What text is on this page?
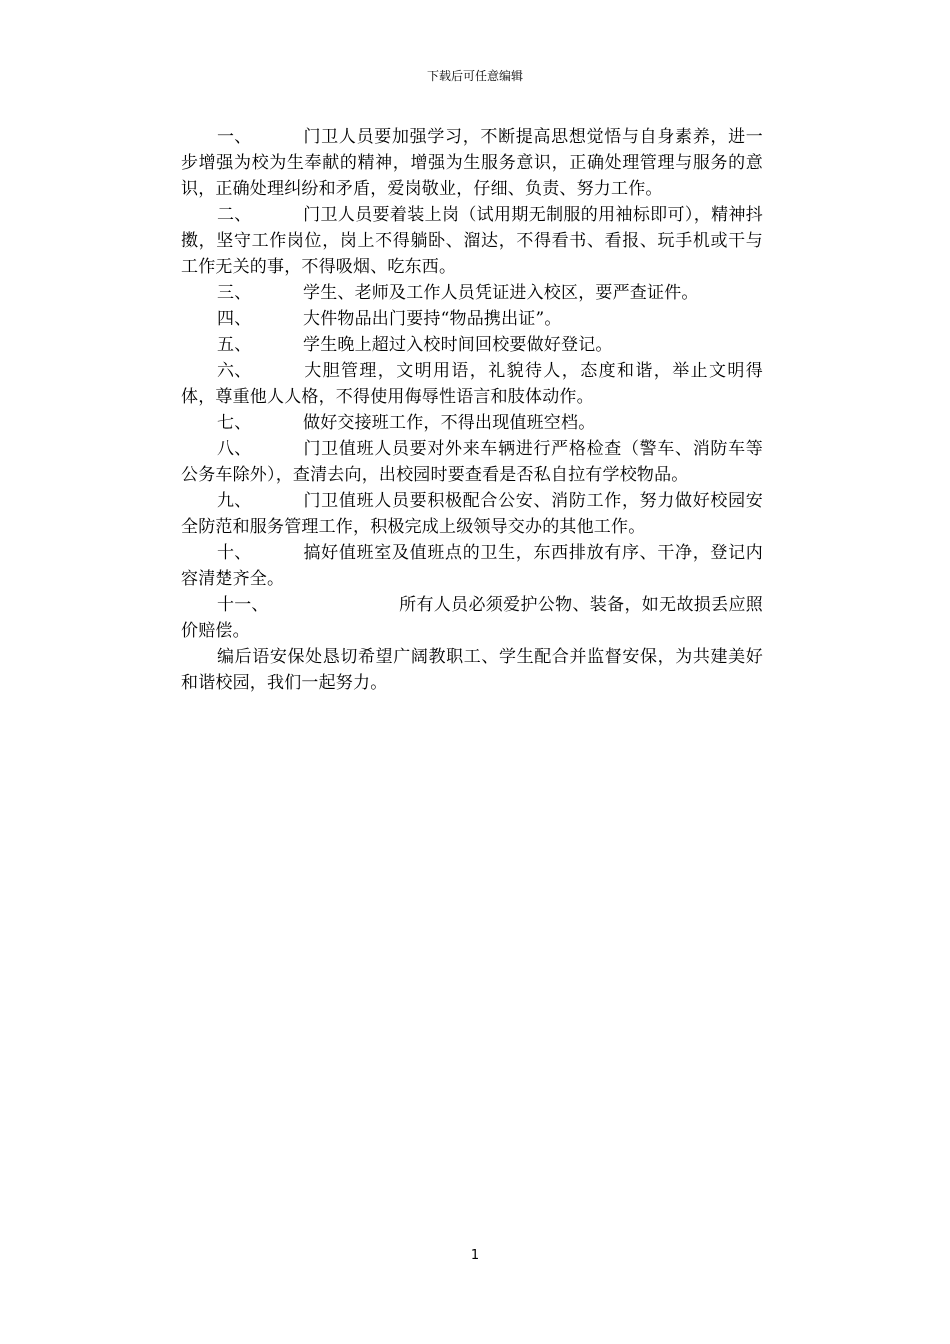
下载后可任意编辑

一、	门卫人员要加强学习，不断提高思想觉悟与自身素养，进一步增强为校为生奉献的精神，增强为生服务意识，正确处理管理与服务的意识，正确处理纠纷和矛盾，爱岗敬业，仔细、负责、努力工作。

二、	门卫人员要着装上岗（试用期无制服的用袖标即可），精神抖擞，坚守工作岗位，岗上不得躺卧、溜达，不得看书、看报、玩手机或干与工作无关的事，不得吸烟、吃东西。

三、	学生、老师及工作人员凭证进入校区，要严查证件。

四、	大件物品出门要持“物品携出证”。

五、	学生晚上超过入校时间回校要做好登记。

六、	大胆管理，文明用语，礼貌待人，态度和谐，举止文明得体，尊重他人人格，不得使用侮辱性语言和肢体动作。

七、	做好交接班工作，不得出现值班空档。

八、	门卫值班人员要对外来车辆进行严格检查（警车、消防车等公务车除外），查清去向，出校园时要查看是否私自拉有学校物品。

九、	门卫值班人员要积极配合公安、消防工作，努力做好校园安全防范和服务管理工作，积极完成上级领导交办的其他工作。

十、	搞好值班室及值班点的卫生，东西排放有序、干净，登记内容清楚齐全。

十一、	所有人员必须爱护公物、装备，如无故损丢应照价赔偿。

编后语安保处恳切希望广阔教职工、学生配合并监督安保，为共建美好和谐校园，我们一起努力。

1
